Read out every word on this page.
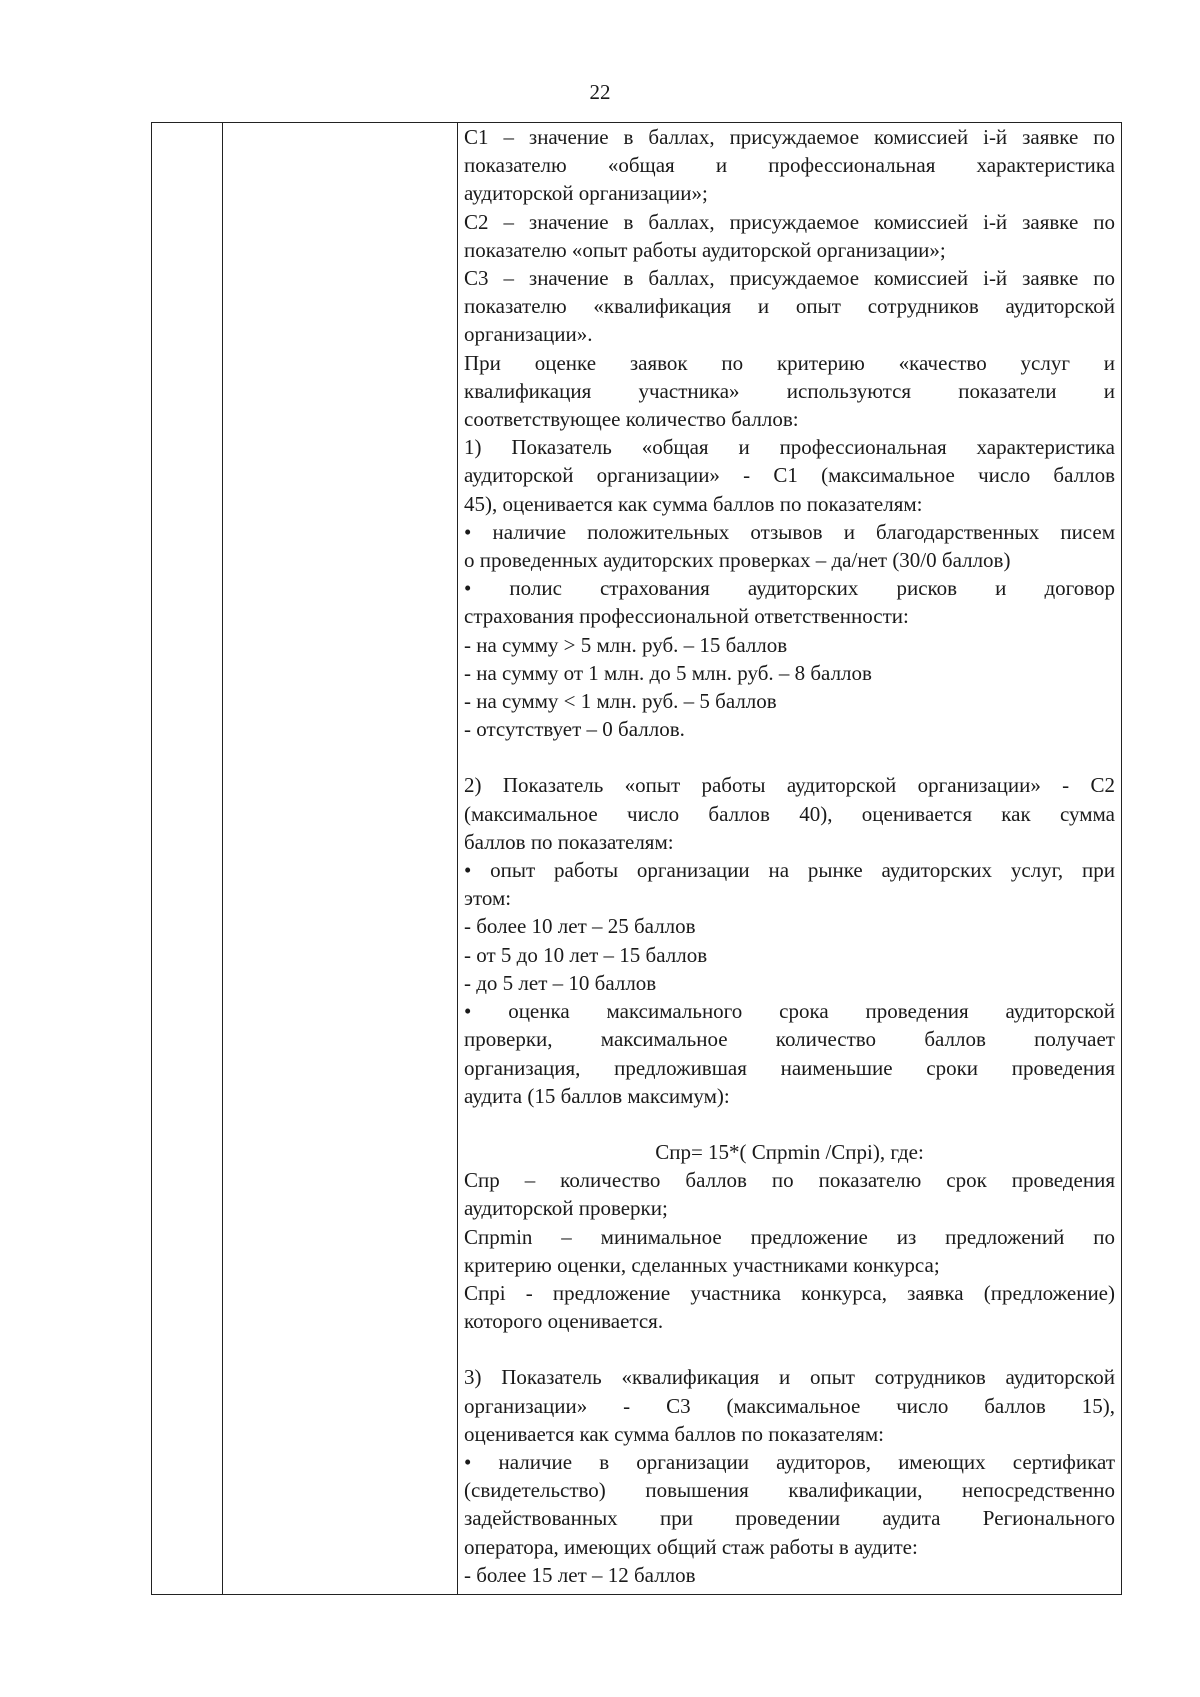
22

С1 – значение в баллах, присуждаемое комиссией i-й заявке по

показателю «общая и профессиональная характеристика

аудиторской организации»;

С2 – значение в баллах, присуждаемое комиссией i-й заявке по

показателю «опыт работы аудиторской организации»;

С3 – значение в баллах, присуждаемое комиссией i-й заявке по

показателю «квалификация и опыт сотрудников аудиторской

организации».

При оценке заявок по критерию «качество услуг и

квалификация участника» используются показатели и

соответствующее количество баллов:

1) Показатель «общая и профессиональная характеристика

аудиторской организации» - С1 (максимальное число баллов

45), оценивается как сумма баллов по показателям:

• наличие положительных отзывов и благодарственных писем

о проведенных аудиторских проверках – да/нет (30/0 баллов)

• полис страхования аудиторских рисков и договор

страхования профессиональной ответственности:

- на сумму > 5 млн. руб. – 15 баллов

- на сумму от 1 млн. до 5 млн. руб. – 8 баллов

- на сумму < 1 млн. руб. – 5 баллов

- отсутствует – 0 баллов.

2) Показатель «опыт работы аудиторской организации» - С2

(максимальное число баллов 40), оценивается как сумма

баллов по показателям:

• опыт работы организации на рынке аудиторских услуг, при

этом:

- более 10 лет – 25 баллов

- от 5 до 10 лет – 15 баллов

- до 5 лет – 10 баллов

• оценка максимального срока проведения аудиторской

проверки, максимальное количество баллов получает

организация, предложившая наименьшие сроки проведения

аудита (15 баллов максимум):

Спр= 15*( Спрmin /Спрi), где:

Спр – количество баллов по показателю срок проведения

аудиторской проверки;

Спрmin – минимальное предложение из предложений по

критерию оценки, сделанных участниками конкурса;

Спрi - предложение участника конкурса, заявка (предложение)

которого оценивается.

3) Показатель «квалификация и опыт сотрудников аудиторской

организации» - С3 (максимальное число баллов 15),

оценивается как сумма баллов по показателям:

• наличие в организации аудиторов, имеющих сертификат

(свидетельство) повышения квалификации, непосредственно

задействованных при проведении аудита Регионального

оператора, имеющих общий стаж работы в аудите:

- более 15 лет – 12 баллов
